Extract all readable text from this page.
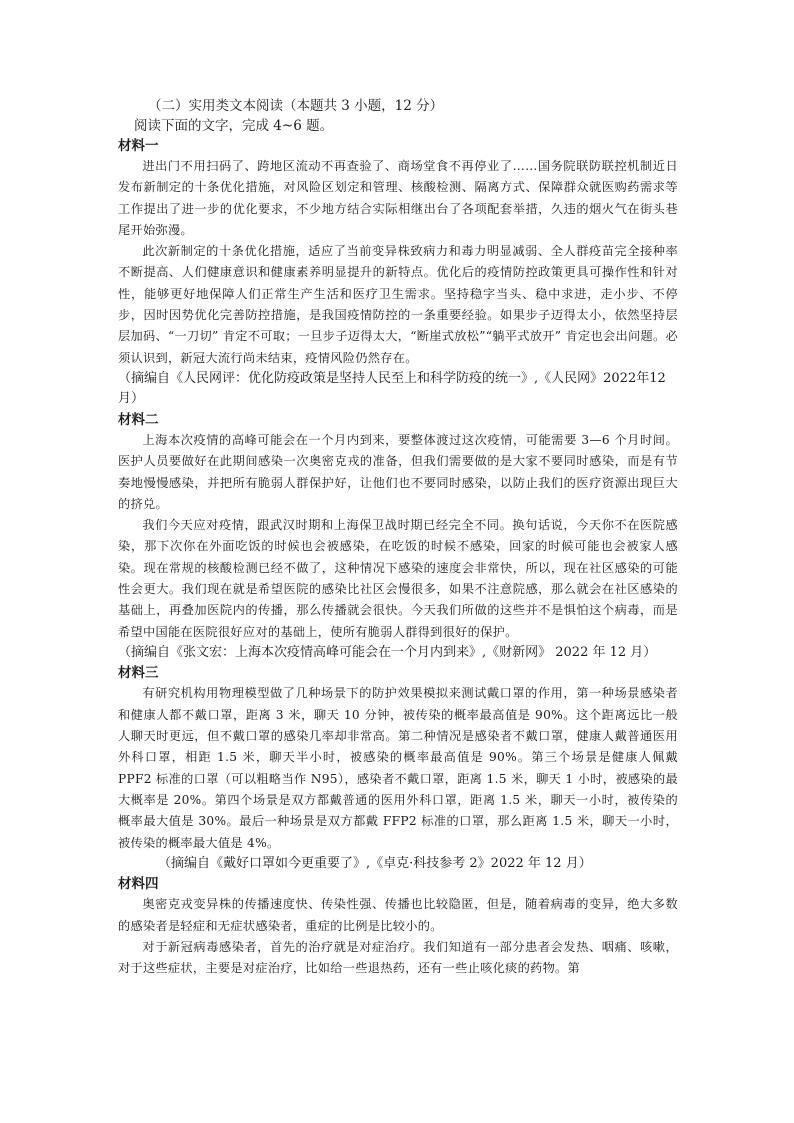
（二）实用类文本阅读（本题共 3 小题，12 分）
阅读下面的文字，完成 4~6 题。
材料一

进出门不用扫码了、跨地区流动不再查验了、商场堂食不再停业了……国务院联防联控机制近日发布新制定的十条优化措施，对风险区划定和管理、核酸检测、隔离方式、保障群众就医购药需求等工作提出了进一步的优化要求，不少地方结合实际相继出台了各项配套举措，久违的烟火气在街头巷尾开始弥漫。

此次新制定的十条优化措施，适应了当前变异株致病力和毒力明显减弱、全人群疫苗完全接种率不断提高、人们健康意识和健康素养明显提升的新特点。优化后的疫情防控政策更具可操作性和针对性，能够更好地保障人们正常生产生活和医疗卫生需求。坚持稳字当头、稳中求进，走小步、不停步，因时因势优化完善防控措施，是我国疫情防控的一条重要经验。如果步子迈得太小，依然坚持层层加码、“一刀切” 肯定不可取；一旦步子迈得太大，“断崖式放松”“躺平式放开” 肯定也会出问题。必须认识到，新冠大流行尚未结束，疫情风险仍然存在。

（摘编自《人民网评：优化防疫政策是坚持人民至上和科学防疫的统一》,《人民网》2022年12月）

材料二

上海本次疫情的高峰可能会在一个月内到来，要整体渡过这次疫情，可能需要 3—6 个月时间。医护人员要做好在此期间感染一次奥密克戎的准备，但我们需要做的是大家不要同时感染，而是有节奏地慢慢感染，并把所有脆弱人群保护好，让他们也不要同时感染，以防止我们的医疗资源出现巨大的挤兑。

我们今天应对疫情，跟武汉时期和上海保卫战时期已经完全不同。换句话说，今天你不在医院感染，那下次你在外面吃饭的时候也会被感染，在吃饭的时候不感染，回家的时候可能也会被家人感染。现在常规的核酸检测已经不做了，这种情况下感染的速度会非常快，所以，现在社区感染的可能性会更大。我们现在就是希望医院的感染比社区会慢很多，如果不注意院感，那么就会在社区感染的基础上，再叠加医院内的传播，那么传播就会很快。今天我们所做的这些并不是惧怕这个病毒，而是希望中国能在医院很好应对的基础上，使所有脆弱人群得到很好的保护。

（摘编自《张文宏：上海本次疫情高峰可能会在一个月内到来》,《财新网》 2022 年 12 月）

材料三

有研究机构用物理模型做了几种场景下的防护效果模拟来测试戴口罩的作用，第一种场景感染者和健康人都不戴口罩，距离 3 米，聊天 10 分钟，被传染的概率最高值是 90%。这个距离远比一般人聊天时更远，但不戴口罩的感染几率却非常高。第二种情况是感染者不戴口罩，健康人戴普通医用外科口罩，相距 1.5 米，聊天半小时，被感染的概率最高值是 90%。第三个场景是健康人佩戴 PPF2 标准的口罩（可以粗略当作 N95），感染者不戴口罩，距离 1.5 米，聊天 1 小时，被感染的最大概率是 20%。第四个场景是双方都戴普通的医用外科口罩，距离 1.5 米，聊天一小时，被传染的概率最大值是 30%。最后一种场景是双方都戴 FFP2 标准的口罩，那么距离 1.5 米，聊天一小时，被传染的概率最大值是 4%。

（摘编自《戴好口罩如今更重要了》,《卓克·科技参考 2》2022 年 12 月）

材料四

奥密克戎变异株的传播速度快、传染性强、传播也比较隐匿，但是，随着病毒的变异，绝大多数的感染者是轻症和无症状感染者，重症的比例是比较小的。

对于新冠病毒感染者，首先的治疗就是对症治疗。我们知道有一部分患者会发热、咽痛、咳嗽，对于这些症状，主要是对症治疗，比如给一些退热药，还有一些止咳化痰的药物。第
